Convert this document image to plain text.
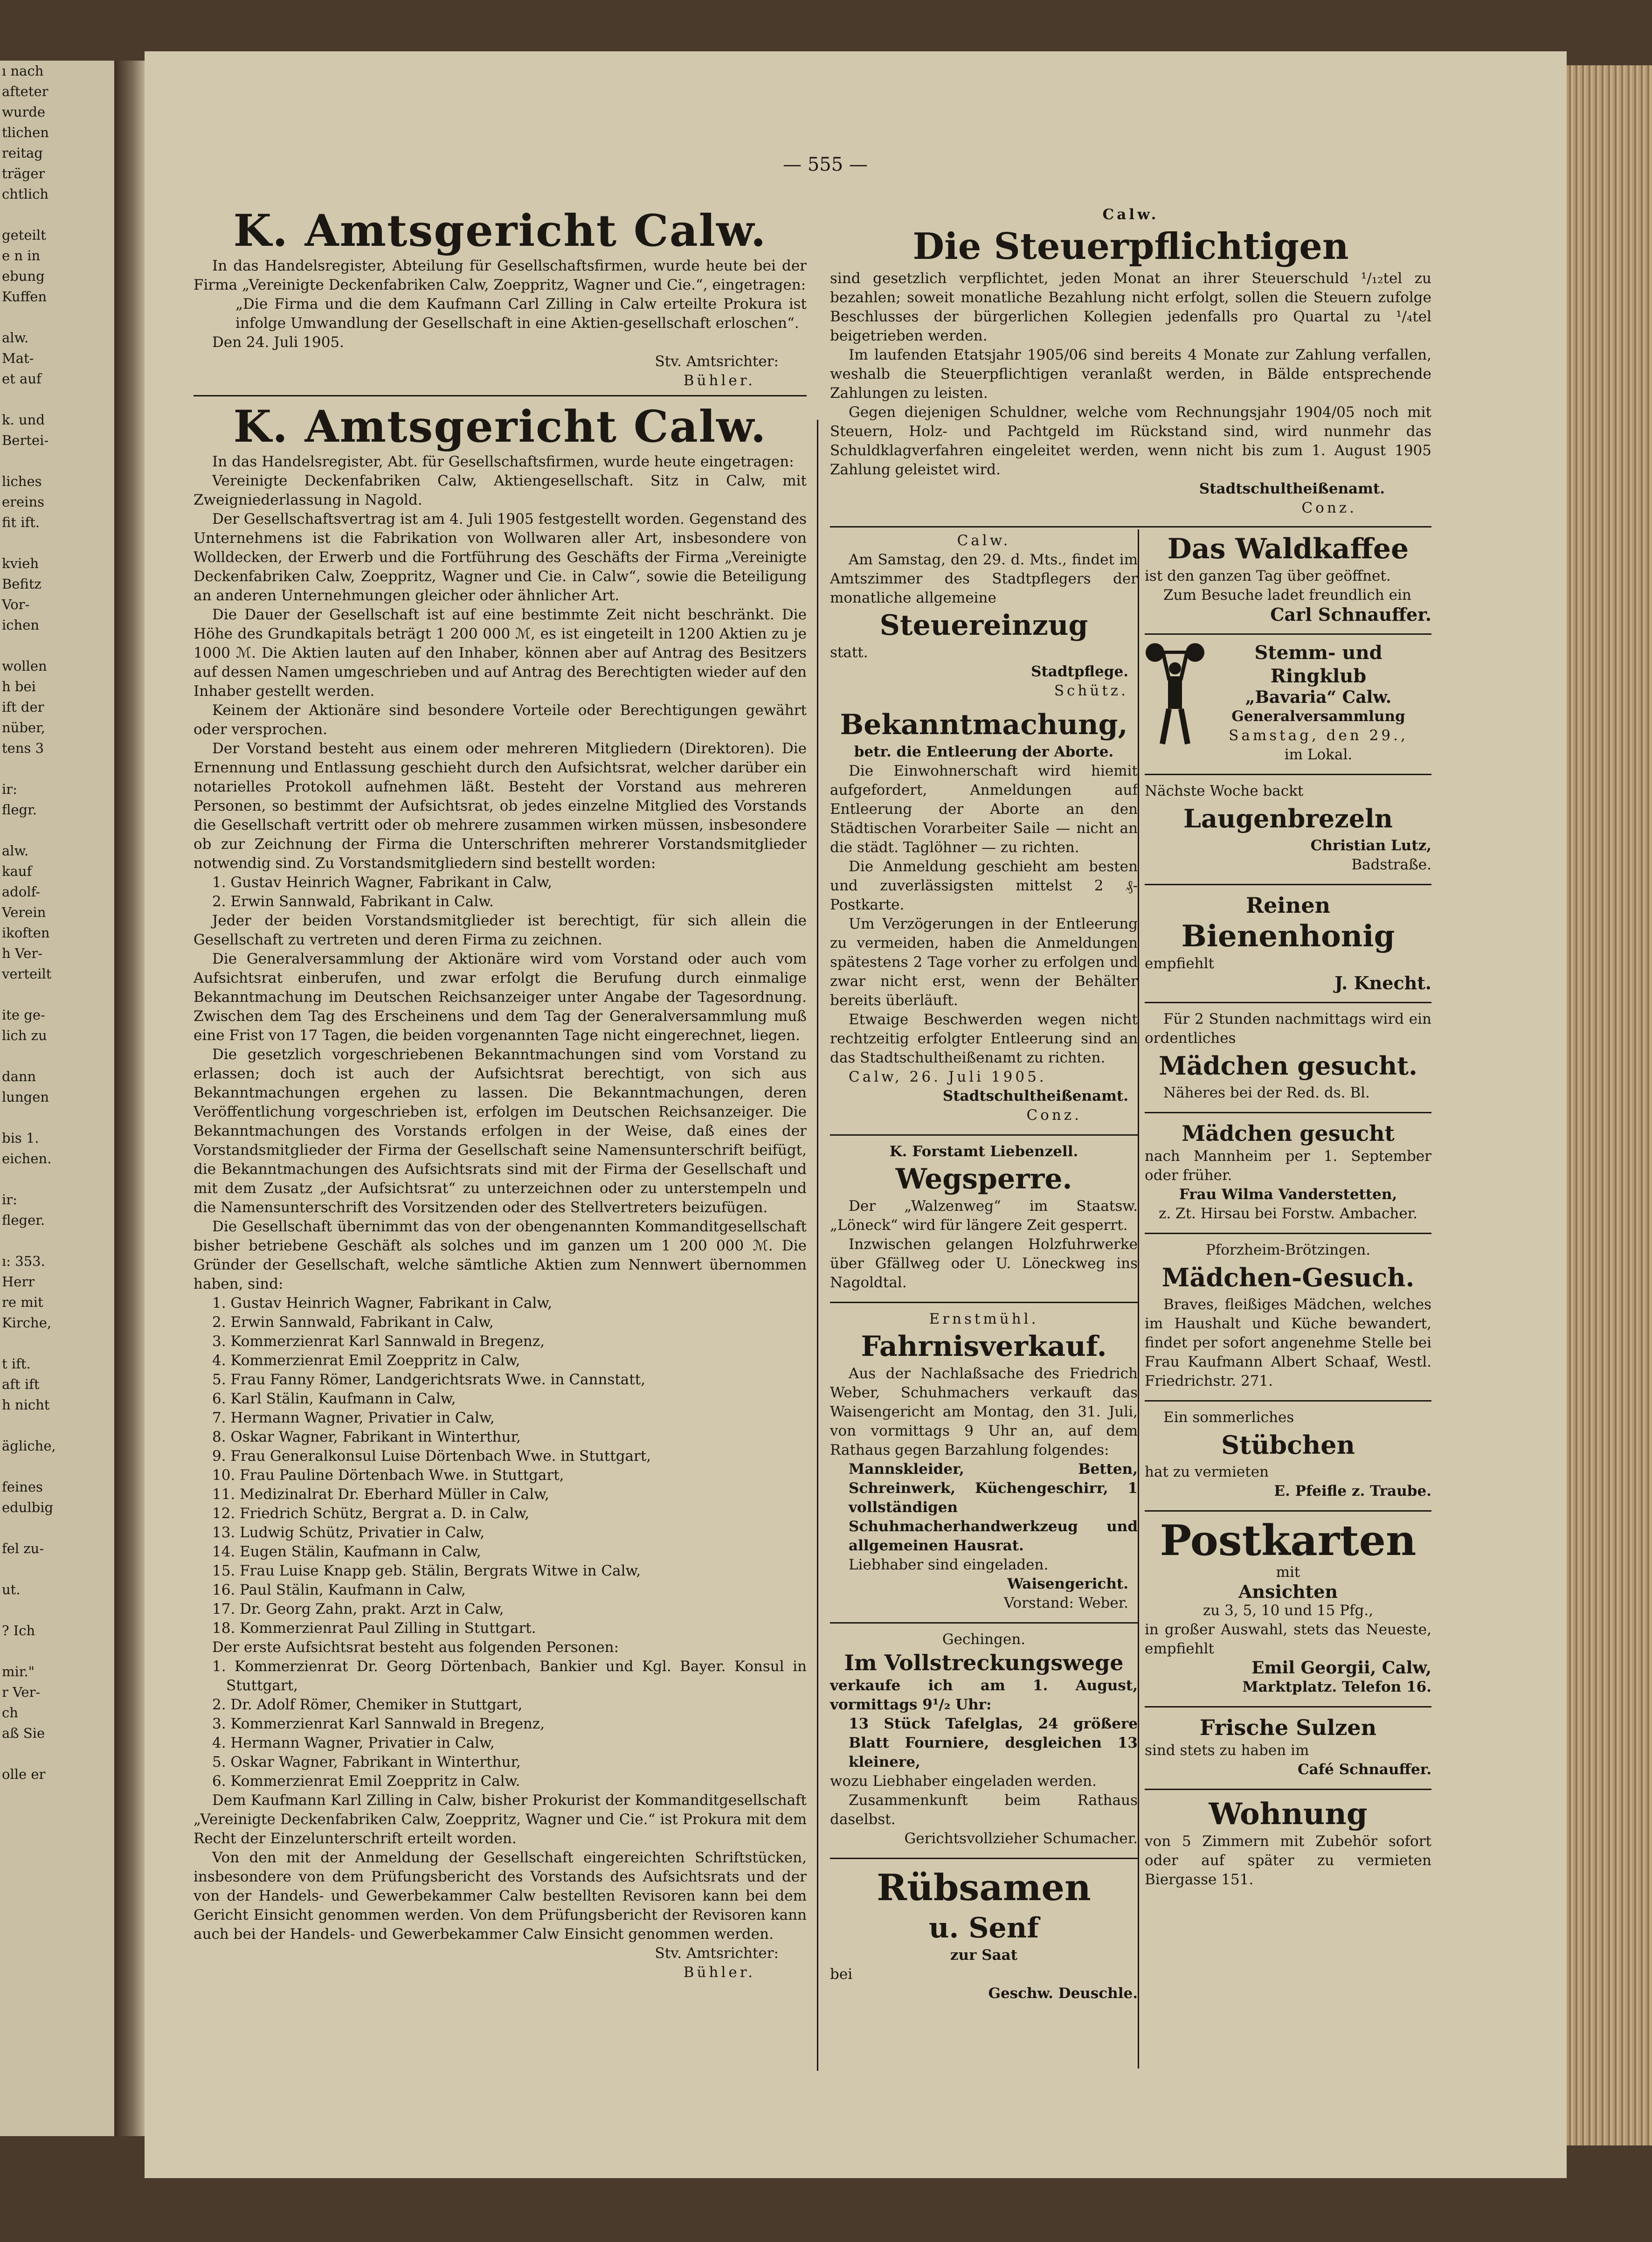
ı nach
afteter
wurde
tlichen
reitag
träger
chtlich

geteilt
e n in
ebung
Kuffen

alw.
Mat-
et auf

k. und
Bertei-

liches
ereins
fit ift.

kvieh
Befitz
Vor-
ichen

wollen
h bei
ift der
nüber,
tens 3

ir:
flegr.

alw.
kauf
adolf-
Verein
ikoften
h Ver-
verteilt

ite ge-
lich zu

dann
lungen

bis 1.
eichen.

ir:
fleger.

ı: 353.
Herr
re mit
Kirche,

t ift.
aft ift
h nicht

ägliche,

feines
edulbig

fel zu-

ut.

? Ich

mir."
r Ver-
ch
aß Sie

olle er
— 555 —
K. Amtsgericht Calw.

In das Handelsregister, Abteilung für Gesellschaftsfirmen, wurde heute bei der Firma „Vereinigte Deckenfabriken Calw, Zoeppritz, Wagner und Cie.“, eingetragen:

„Die Firma und die dem Kaufmann Carl Zilling in Calw erteilte Prokura ist infolge Umwandlung der Gesellschaft in eine Aktien-gesellschaft erloschen“.

Den 24. Juli 1905.

Stv. Amtsrichter:

Bühler.

K. Amtsgericht Calw.

In das Handelsregister, Abt. für Gesellschaftsfirmen, wurde heute eingetragen:

Vereinigte Deckenfabriken Calw, Aktiengesellschaft. Sitz in Calw, mit Zweigniederlassung in Nagold.

Der Gesellschaftsvertrag ist am 4. Juli 1905 festgestellt worden. Gegenstand des Unternehmens ist die Fabrikation von Wollwaren aller Art, insbesondere von Wolldecken, der Erwerb und die Fortführung des Geschäfts der Firma „Vereinigte Deckenfabriken Calw, Zoeppritz, Wagner und Cie. in Calw“, sowie die Beteiligung an anderen Unternehmungen gleicher oder ähnlicher Art.

Die Dauer der Gesellschaft ist auf eine bestimmte Zeit nicht beschränkt. Die Höhe des Grundkapitals beträgt 1 200 000 ℳ, es ist eingeteilt in 1200 Aktien zu je 1000 ℳ. Die Aktien lauten auf den Inhaber, können aber auf Antrag des Besitzers auf dessen Namen umgeschrieben und auf Antrag des Berechtigten wieder auf den Inhaber gestellt werden.

Keinem der Aktionäre sind besondere Vorteile oder Berechtigungen gewährt oder versprochen.

Der Vorstand besteht aus einem oder mehreren Mitgliedern (Direktoren). Die Ernennung und Entlassung geschieht durch den Aufsichtsrat, welcher darüber ein notarielles Protokoll aufnehmen läßt. Besteht der Vorstand aus mehreren Personen, so bestimmt der Aufsichtsrat, ob jedes einzelne Mitglied des Vorstands die Gesellschaft vertritt oder ob mehrere zusammen wirken müssen, insbesondere ob zur Zeichnung der Firma die Unterschriften mehrerer Vorstandsmitglieder notwendig sind. Zu Vorstandsmitgliedern sind bestellt worden:

1. Gustav Heinrich Wagner, Fabrikant in Calw,

2. Erwin Sannwald, Fabrikant in Calw.

Jeder der beiden Vorstandsmitglieder ist berechtigt, für sich allein die Gesellschaft zu vertreten und deren Firma zu zeichnen.

Die Generalversammlung der Aktionäre wird vom Vorstand oder auch vom Aufsichtsrat einberufen, und zwar erfolgt die Berufung durch einmalige Bekanntmachung im Deutschen Reichsanzeiger unter Angabe der Tagesordnung. Zwischen dem Tag des Erscheinens und dem Tag der Generalversammlung muß eine Frist von 17 Tagen, die beiden vorgenannten Tage nicht eingerechnet, liegen.

Die gesetzlich vorgeschriebenen Bekanntmachungen sind vom Vorstand zu erlassen; doch ist auch der Aufsichtsrat berechtigt, von sich aus Bekanntmachungen ergehen zu lassen. Die Bekanntmachungen, deren Veröffentlichung vorgeschrieben ist, erfolgen im Deutschen Reichsanzeiger. Die Bekanntmachungen des Vorstands erfolgen in der Weise, daß eines der Vorstandsmitglieder der Firma der Gesellschaft seine Namensunterschrift beifügt, die Bekanntmachungen des Aufsichtsrats sind mit der Firma der Gesellschaft und mit dem Zusatz „der Aufsichtsrat“ zu unterzeichnen oder zu unterstempeln und die Namensunterschrift des Vorsitzenden oder des Stellvertreters beizufügen.

Die Gesellschaft übernimmt das von der obengenannten Kommanditgesellschaft bisher betriebene Geschäft als solches und im ganzen um 1 200 000 ℳ. Die Gründer der Gesellschaft, welche sämtliche Aktien zum Nennwert übernommen haben, sind:

1. Gustav Heinrich Wagner, Fabrikant in Calw,

2. Erwin Sannwald, Fabrikant in Calw,

3. Kommerzienrat Karl Sannwald in Bregenz,

4. Kommerzienrat Emil Zoeppritz in Calw,

5. Frau Fanny Römer, Landgerichtsrats Wwe. in Cannstatt,

6. Karl Stälin, Kaufmann in Calw,

7. Hermann Wagner, Privatier in Calw,

8. Oskar Wagner, Fabrikant in Winterthur,

9. Frau Generalkonsul Luise Dörtenbach Wwe. in Stuttgart,

10. Frau Pauline Dörtenbach Wwe. in Stuttgart,

11. Medizinalrat Dr. Eberhard Müller in Calw,

12. Friedrich Schütz, Bergrat a. D. in Calw,

13. Ludwig Schütz, Privatier in Calw,

14. Eugen Stälin, Kaufmann in Calw,

15. Frau Luise Knapp geb. Stälin, Bergrats Witwe in Calw,

16. Paul Stälin, Kaufmann in Calw,

17. Dr. Georg Zahn, prakt. Arzt in Calw,

18. Kommerzienrat Paul Zilling in Stuttgart.

Der erste Aufsichtsrat besteht aus folgenden Personen:

1. Kommerzienrat Dr. Georg Dörtenbach, Bankier und Kgl. Bayer. Konsul in Stuttgart,

2. Dr. Adolf Römer, Chemiker in Stuttgart,

3. Kommerzienrat Karl Sannwald in Bregenz,

4. Hermann Wagner, Privatier in Calw,

5. Oskar Wagner, Fabrikant in Winterthur,

6. Kommerzienrat Emil Zoeppritz in Calw.

Dem Kaufmann Karl Zilling in Calw, bisher Prokurist der Kommanditgesellschaft „Vereinigte Deckenfabriken Calw, Zoeppritz, Wagner und Cie.“ ist Prokura mit dem Recht der Einzelunterschrift erteilt worden.

Von den mit der Anmeldung der Gesellschaft eingereichten Schriftstücken, insbesondere von dem Prüfungsbericht des Vorstands des Aufsichtsrats und der von der Handels- und Gewerbekammer Calw bestellten Revisoren kann bei dem Gericht Einsicht genommen werden. Von dem Prüfungsbericht der Revisoren kann auch bei der Handels- und Gewerbekammer Calw Einsicht genommen werden.

Stv. Amtsrichter:

Bühler.

Calw.

Die Steuerpflichtigen

sind gesetzlich verpflichtet, jeden Monat an ihrer Steuerschuld ¹/₁₂tel zu bezahlen; soweit monatliche Bezahlung nicht erfolgt, sollen die Steuern zufolge Beschlusses der bürgerlichen Kollegien jedenfalls pro Quartal zu ¹/₄tel beigetrieben werden.

Im laufenden Etatsjahr 1905/06 sind bereits 4 Monate zur Zahlung verfallen, weshalb die Steuerpflichtigen veranlaßt werden, in Bälde entsprechende Zahlungen zu leisten.

Gegen diejenigen Schuldner, welche vom Rechnungsjahr 1904/05 noch mit Steuern, Holz- und Pachtgeld im Rückstand sind, wird nunmehr das Schuldklagverfahren eingeleitet werden, wenn nicht bis zum 1. August 1905 Zahlung geleistet wird.

Stadtschultheißenamt.

Conz.

Calw.

Am Samstag, den 29. d. Mts., findet im Amtszimmer des Stadtpflegers der monatliche allgemeine

Steuereinzug

statt.

Stadtpflege.

Schütz.

Bekanntmachung,

betr. die Entleerung der Aborte.

Die Einwohnerschaft wird hiemit aufgefordert, Anmeldungen auf Entleerung der Aborte an den Städtischen Vorarbeiter Saile — nicht an die städt. Taglöhner — zu richten.

Die Anmeldung geschieht am besten und zuverlässigsten mittelst 2 ₰-Postkarte.

Um Verzögerungen in der Entleerung zu vermeiden, haben die Anmeldungen spätestens 2 Tage vorher zu erfolgen und zwar nicht erst, wenn der Behälter bereits überläuft.

Etwaige Beschwerden wegen nicht rechtzeitig erfolgter Entleerung sind an das Stadtschultheißenamt zu richten.

Calw, 26. Juli 1905.

Stadtschultheißenamt.

Conz.

K. Forstamt Liebenzell.

Wegsperre.

Der „Walzenweg“ im Staatsw. „Löneck“ wird für längere Zeit gesperrt.

Inzwischen gelangen Holzfuhrwerke über Gfällweg oder U. Löneckweg ins Nagoldtal.

Ernstmühl.

Fahrnisverkauf.

Aus der Nachlaßsache des Friedrich Weber, Schuhmachers verkauft das Waisengericht am Montag, den 31. Juli, von vormittags 9 Uhr an, auf dem Rathaus gegen Barzahlung folgendes:

Mannskleider, Betten, Schreinwerk, Küchengeschirr, 1 vollständigen Schuhmacherhandwerkzeug und allgemeinen Hausrat.

Liebhaber sind eingeladen.

Waisengericht.

Vorstand: Weber.

Gechingen.

Im Vollstreckungswege

verkaufe ich am 1. August, vormittags 9¹/₂ Uhr:

13 Stück Tafelglas, 24 größere Blatt Fourniere, desgleichen 13 kleinere,

wozu Liebhaber eingeladen werden.

Zusammenkunft beim Rathaus daselbst.

Gerichtsvollzieher Schumacher.

Rübsamen
u. Senf

zur Saat

bei

Geschw. Deuschle.

Das Waldkaffee

ist den ganzen Tag über geöffnet.

Zum Besuche ladet freundlich ein

Carl Schnauffer.

Stemm- und Ringklub

„Bavaria“ Calw.

Generalversammlung

Samstag, den 29.,

im Lokal.

Nächste Woche backt

Laugenbrezeln

Christian Lutz,

Badstraße.

Reinen
Bienenhonig

empfiehlt

J. Knecht.

Für 2 Stunden nachmittags wird ein ordentliches

Mädchen gesucht.

Näheres bei der Red. ds. Bl.

Mädchen gesucht

nach Mannheim per 1. September oder früher.

Frau Wilma Vanderstetten,

z. Zt. Hirsau bei Forstw. Ambacher.

Pforzheim-Brötzingen.

Mädchen-Gesuch.

Braves, fleißiges Mädchen, welches im Haushalt und Küche bewandert, findet per sofort angenehme Stelle bei Frau Kaufmann Albert Schaaf, Westl. Friedrichstr. 271.

Ein sommerliches

Stübchen

hat zu vermieten

E. Pfeifle z. Traube.

Postkarten

mit

Ansichten

zu 3, 5, 10 und 15 Pfg.,

in großer Auswahl, stets das Neueste, empfiehlt

Emil Georgii, Calw,

Marktplatz. Telefon 16.

Frische Sulzen

sind stets zu haben im

Café Schnauffer.

Wohnung

von 5 Zimmern mit Zubehör sofort oder auf später zu vermieten Biergasse 151.
